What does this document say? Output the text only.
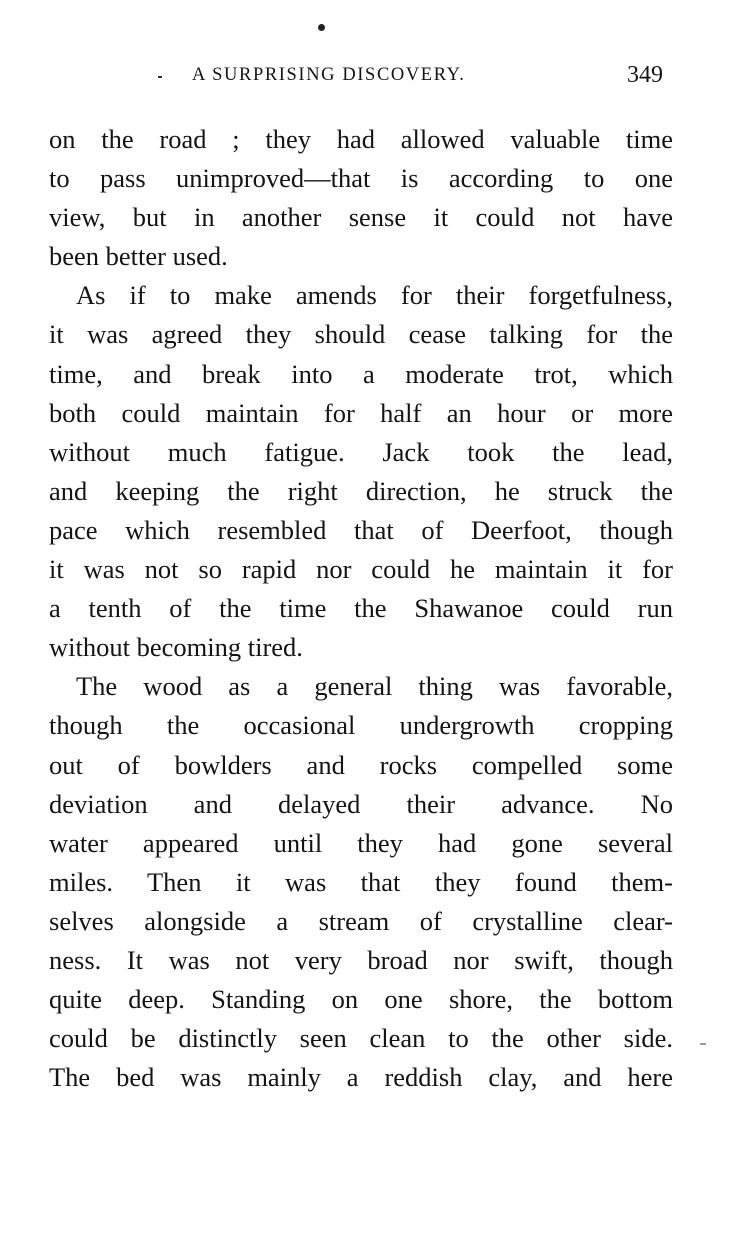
A SURPRISING DISCOVERY.	349
on the road ; they had allowed valuable time
to pass unimproved—that is according to one
view, but in another sense it could not have
been better used.
As if to make amends for their forgetfulness,
it was agreed they should cease talking for the
time, and break into a moderate trot, which
both could maintain for half an hour or more
without much fatigue. Jack took the lead,
and keeping the right direction, he struck the
pace which resembled that of Deerfoot, though
it was not so rapid nor could he maintain it for
a tenth of the time the Shawanoe could run
without becoming tired.
The wood as a general thing was favorable,
though the occasional undergrowth cropping
out of bowlders and rocks compelled some
deviation and delayed their advance. No
water appeared until they had gone several
miles. Then it was that they found them-
selves alongside a stream of crystalline clear-
ness. It was not very broad nor swift, though
quite deep. Standing on one shore, the bottom
could be distinctly seen clean to the other side.
The bed was mainly a reddish clay, and here
